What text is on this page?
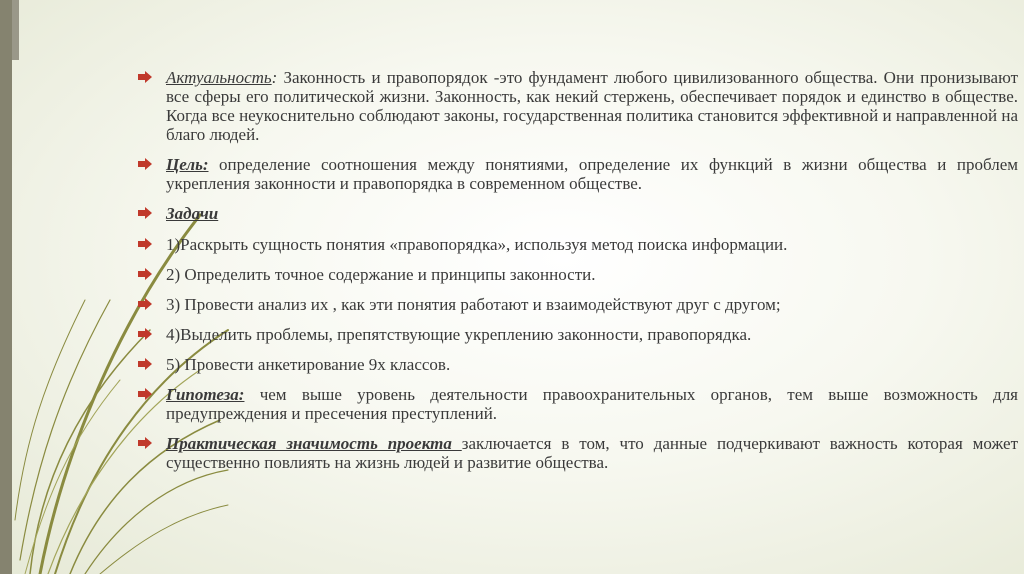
Актуальность: Законность и правопорядок -это фундамент любого цивилизованного общества. Они пронизывают все сферы его политической жизни. Законность, как некий стержень, обеспечивает порядок и единство в обществе. Когда все неукоснительно соблюдают законы, государственная политика становится эффективной и направленной на благо людей.
Цель: определение соотношения между понятиями, определение их функций в жизни общества и проблем укрепления законности и правопорядка в современном обществе.
Задачи
1)Раскрыть сущность понятия «правопорядка», используя метод поиска информации.
2) Определить точное содержание и принципы законности.
3) Провести анализ их , как эти понятия работают и взаимодействуют друг с другом;
4)Выделить проблемы, препятствующие укреплению законности, правопорядка.
5) Провести анкетирование 9х классов.
Гипотеза: чем выше уровень деятельности правоохранительных органов, тем выше возможность для предупреждения и пресечения преступлений.
Практическая значимость проекта заключается в том, что данные подчеркивают важность которая может существенно повлиять на жизнь людей и развитие общества.
